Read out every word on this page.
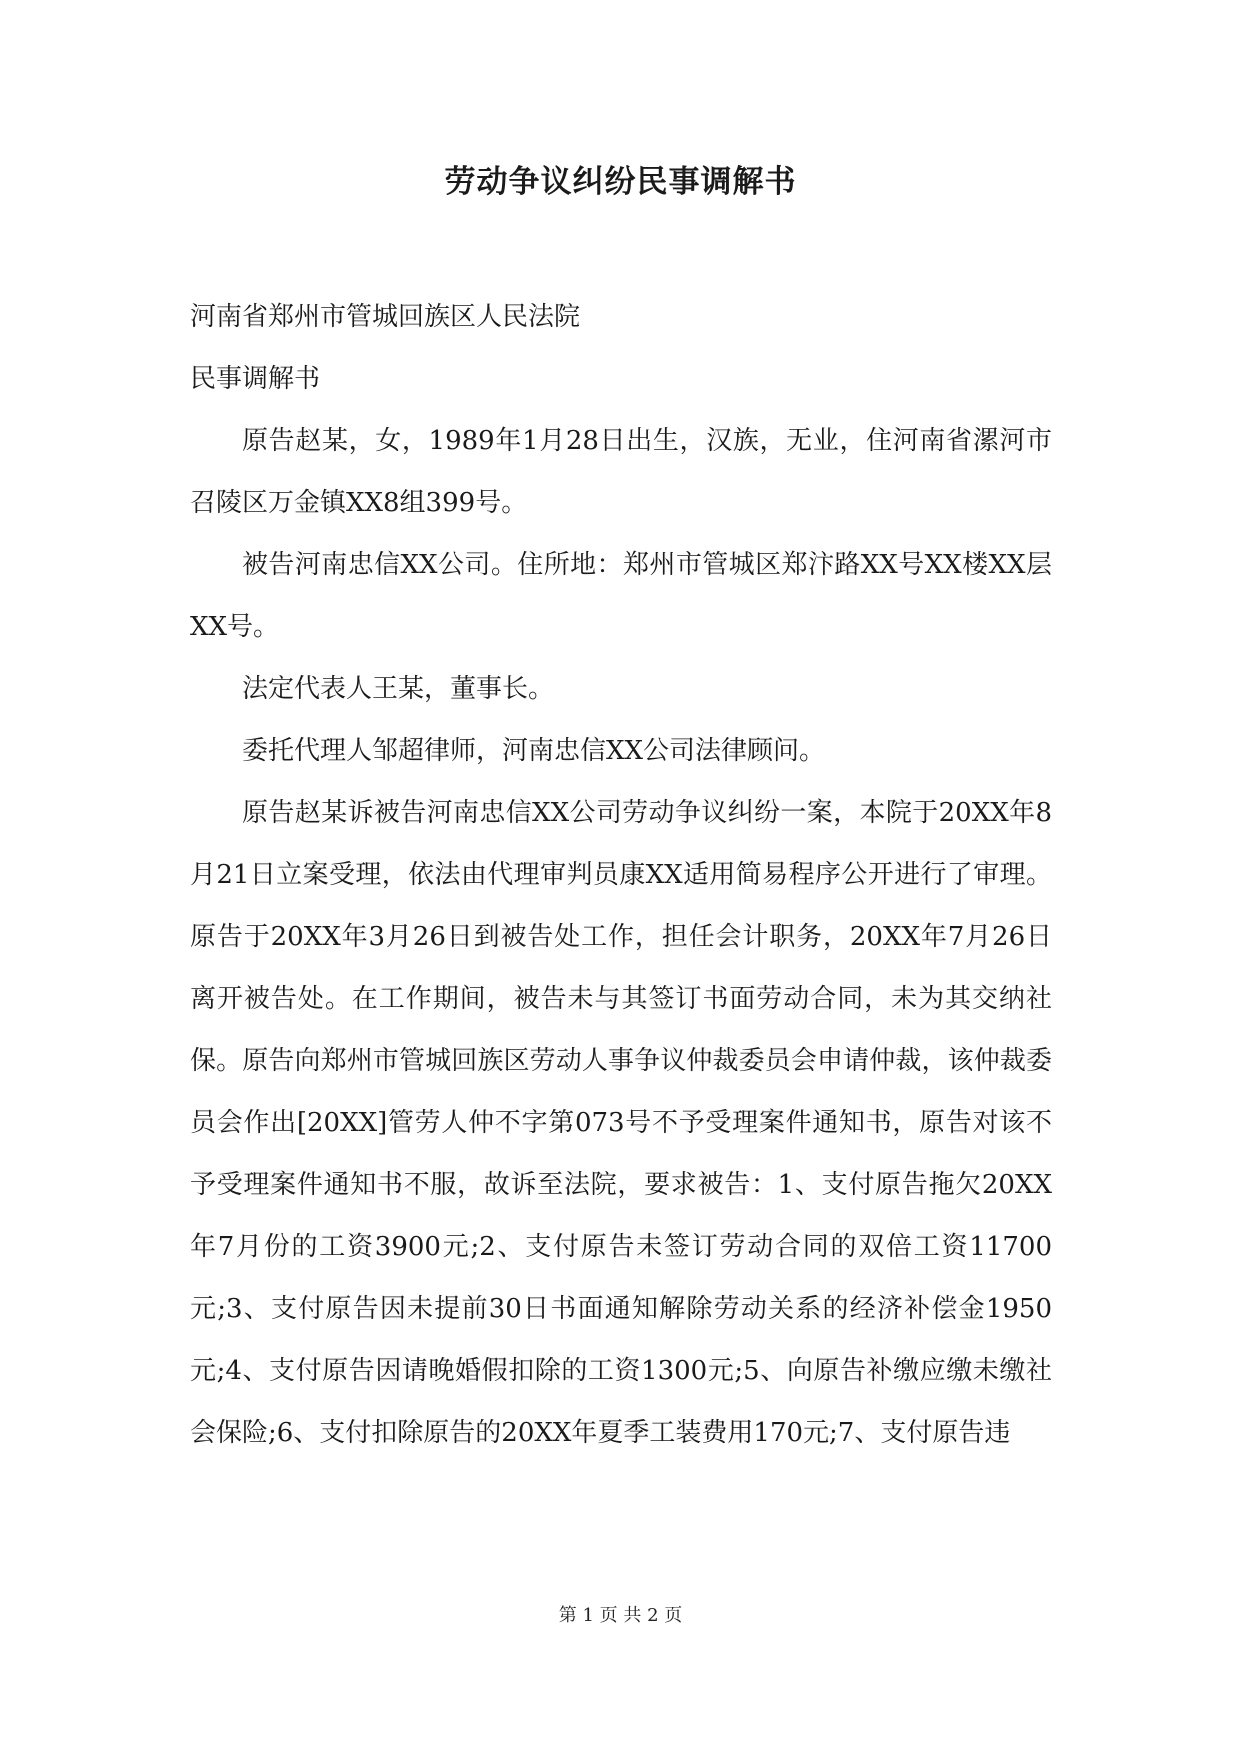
劳动争议纠纷民事调解书

河南省郑州市管城回族区人民法院

民事调解书

原告赵某，女，1989年1月28日出生，汉族，无业，住河南省漯河市召陵区万金镇XX8组399号。

被告河南忠信XX公司。住所地：郑州市管城区郑汴路XX号XX楼XX层XX号。

法定代表人王某，董事长。

委托代理人邹超律师，河南忠信XX公司法律顾问。

原告赵某诉被告河南忠信XX公司劳动争议纠纷一案，本院于20XX年8月21日立案受理，依法由代理审判员康XX适用简易程序公开进行了审理。原告于20XX年3月26日到被告处工作，担任会计职务，20XX年7月26日离开被告处。在工作期间，被告未与其签订书面劳动合同，未为其交纳社保。原告向郑州市管城回族区劳动人事争议仲裁委员会申请仲裁，该仲裁委员会作出[20XX]管劳人仲不字第073号不予受理案件通知书，原告对该不予受理案件通知书不服，故诉至法院，要求被告：1、支付原告拖欠20XX年7月份的工资3900元;2、支付原告未签订劳动合同的双倍工资11700元;3、支付原告因未提前30日书面通知解除劳动关系的经济补偿金1950元;4、支付原告因请晚婚假扣除的工资1300元;5、向原告补缴应缴未缴社会保险;6、支付扣除原告的20XX年夏季工装费用170元;7、支付原告违

第 1 页 共 2 页
